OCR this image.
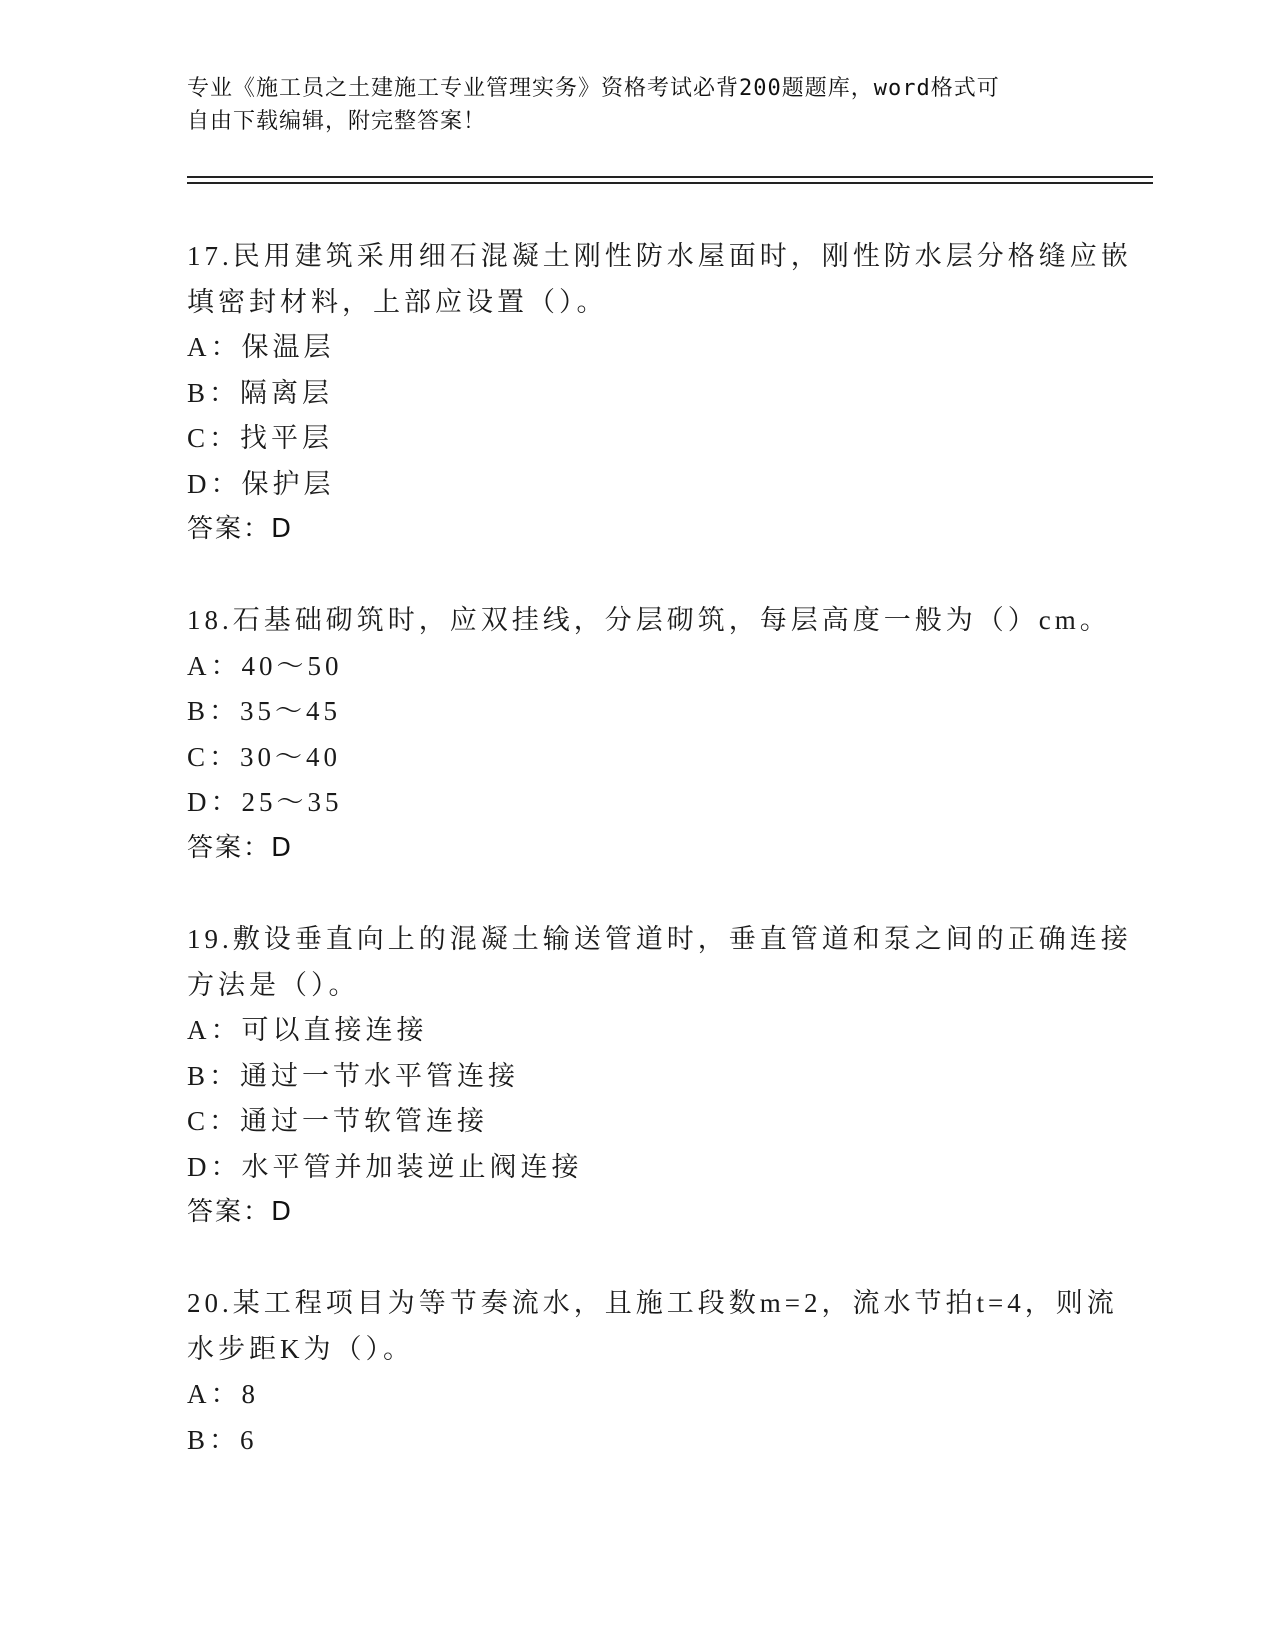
专业《施工员之土建施工专业管理实务》资格考试必背200题题库，word格式可
自由下载编辑，附完整答案！
17.民用建筑采用细石混凝土刚性防水屋面时，刚性防水层分格缝应嵌
填密封材料，上部应设置（）。
A：保温层
B：隔离层
C：找平层
D：保护层
答案：D
18.石基础砌筑时，应双挂线，分层砌筑，每层高度一般为（）cm。
A：40～50
B：35～45
C：30～40
D：25～35
答案：D
19.敷设垂直向上的混凝土输送管道时，垂直管道和泵之间的正确连接
方法是（）。
A：可以直接连接
B：通过一节水平管连接
C：通过一节软管连接
D：水平管并加装逆止阀连接
答案：D
20.某工程项目为等节奏流水，且施工段数m=2，流水节拍t=4，则流
水步距K为（）。
A：8
B：6
